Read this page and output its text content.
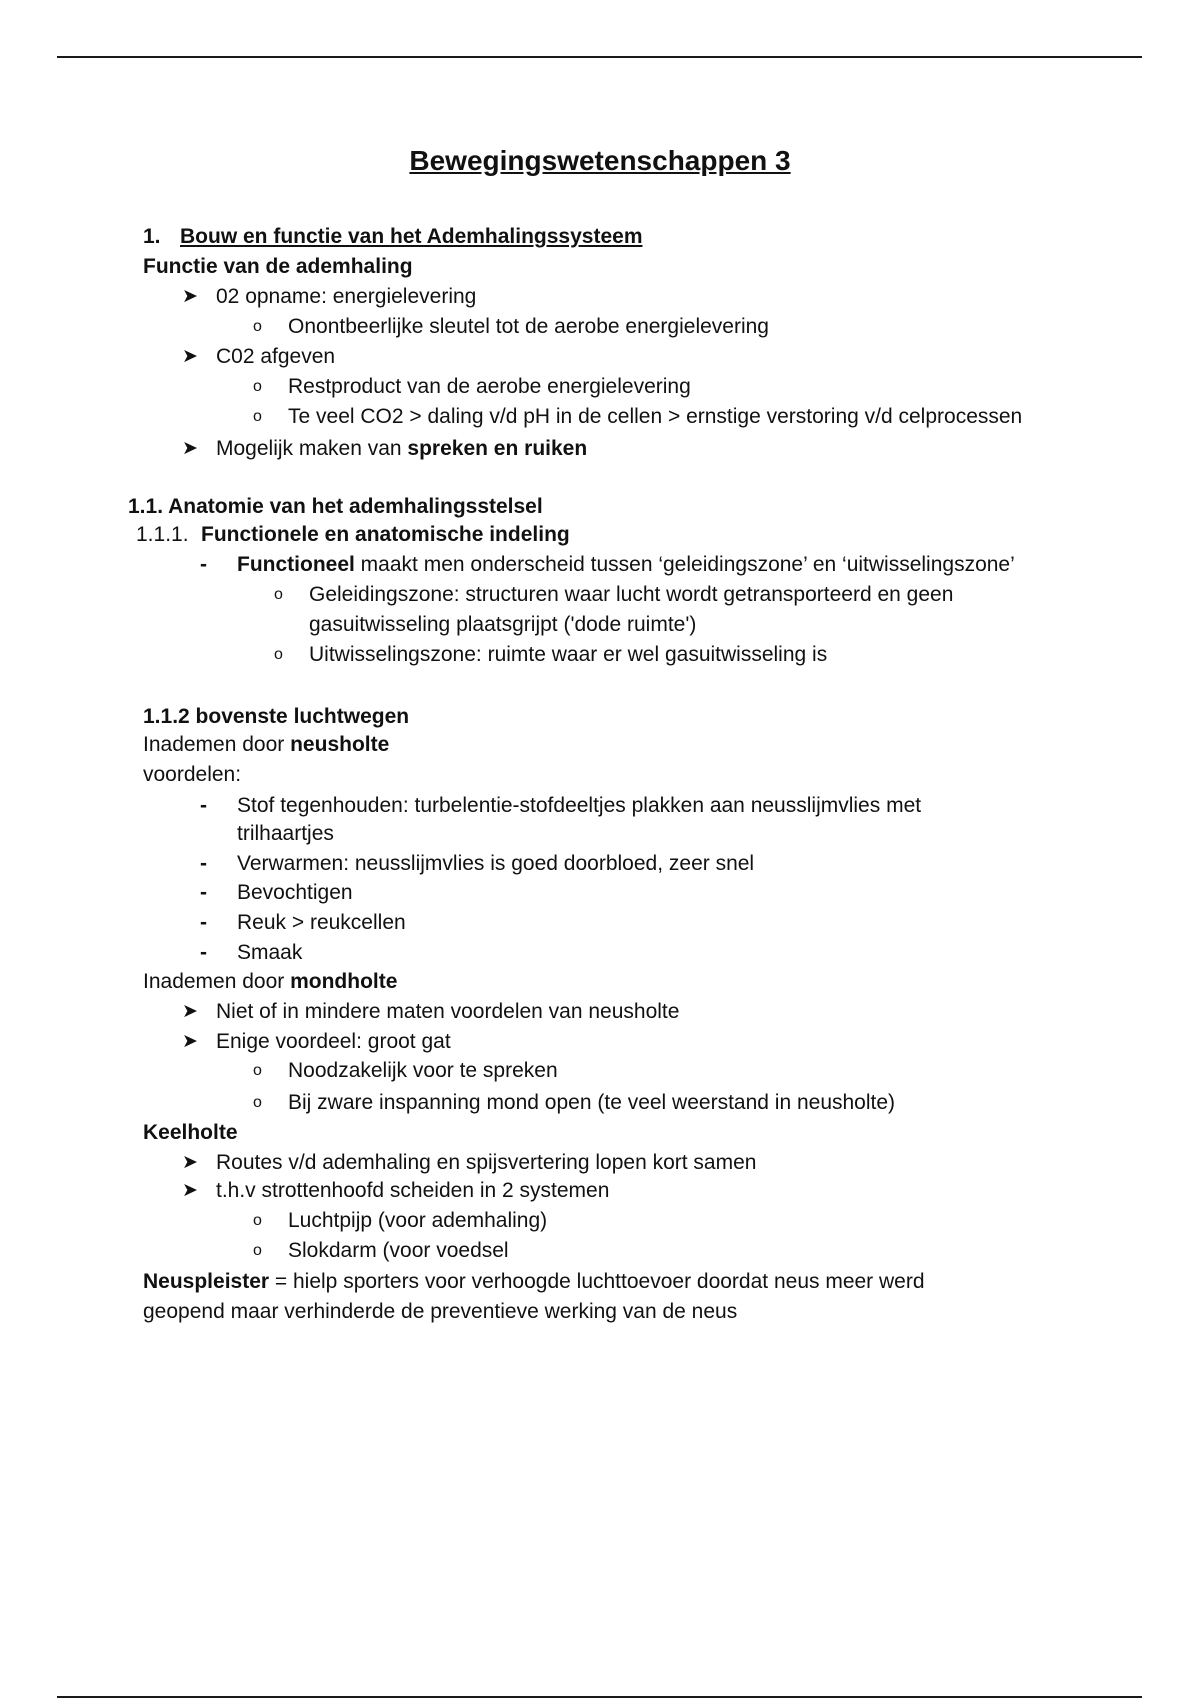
Bewegingswetenschappen 3
1. Bouw en functie van het Ademhalingssysteem
Functie van de ademhaling
➤ 02 opname: energielevering
o Onontbeerlijke sleutel tot de aerobe energielevering
➤ C02 afgeven
o Restproduct van de aerobe energielevering
o Te veel CO2 > daling v/d pH in de cellen > ernstige verstoring v/d celprocessen
➤ Mogelijk maken van spreken en ruiken
1.1. Anatomie van het ademhalingsstelsel
1.1.1. Functionele en anatomische indeling
- Functioneel maakt men onderscheid tussen ‘geleidingszone’ en ‘uitwisselingszone’
o Geleidingszone: structuren waar lucht wordt getransporteerd en geen
gasuitwisseling plaatsgrijpt ('dode ruimte')
o Uitwisselingszone: ruimte waar er wel gasuitwisseling is
1.1.2 bovenste luchtwegen
Inademen door neusholte
voordelen:
- Stof tegenhouden: turbelentie-stofdeeltjes plakken aan neusslijmvlies met
trilhaartjes
- Verwarmen: neusslijmvlies is goed doorbloed, zeer snel
- Bevochtigen
- Reuk > reukcellen
- Smaak
Inademen door mondholte
➤ Niet of in mindere maten voordelen van neusholte
➤ Enige voordeel: groot gat
o Noodzakelijk voor te spreken
o Bij zware inspanning mond open (te veel weerstand in neusholte)
Keelholte
➤ Routes v/d ademhaling en spijsvertering lopen kort samen
➤ t.h.v strottenhoofd scheiden in 2 systemen
o Luchtpijp (voor ademhaling)
o Slokdarm (voor voedsel
Neuspleister = hielp sporters voor verhoogde luchttoevoer doordat neus meer werd
geopend maar verhinderde de preventieve werking van de neus
